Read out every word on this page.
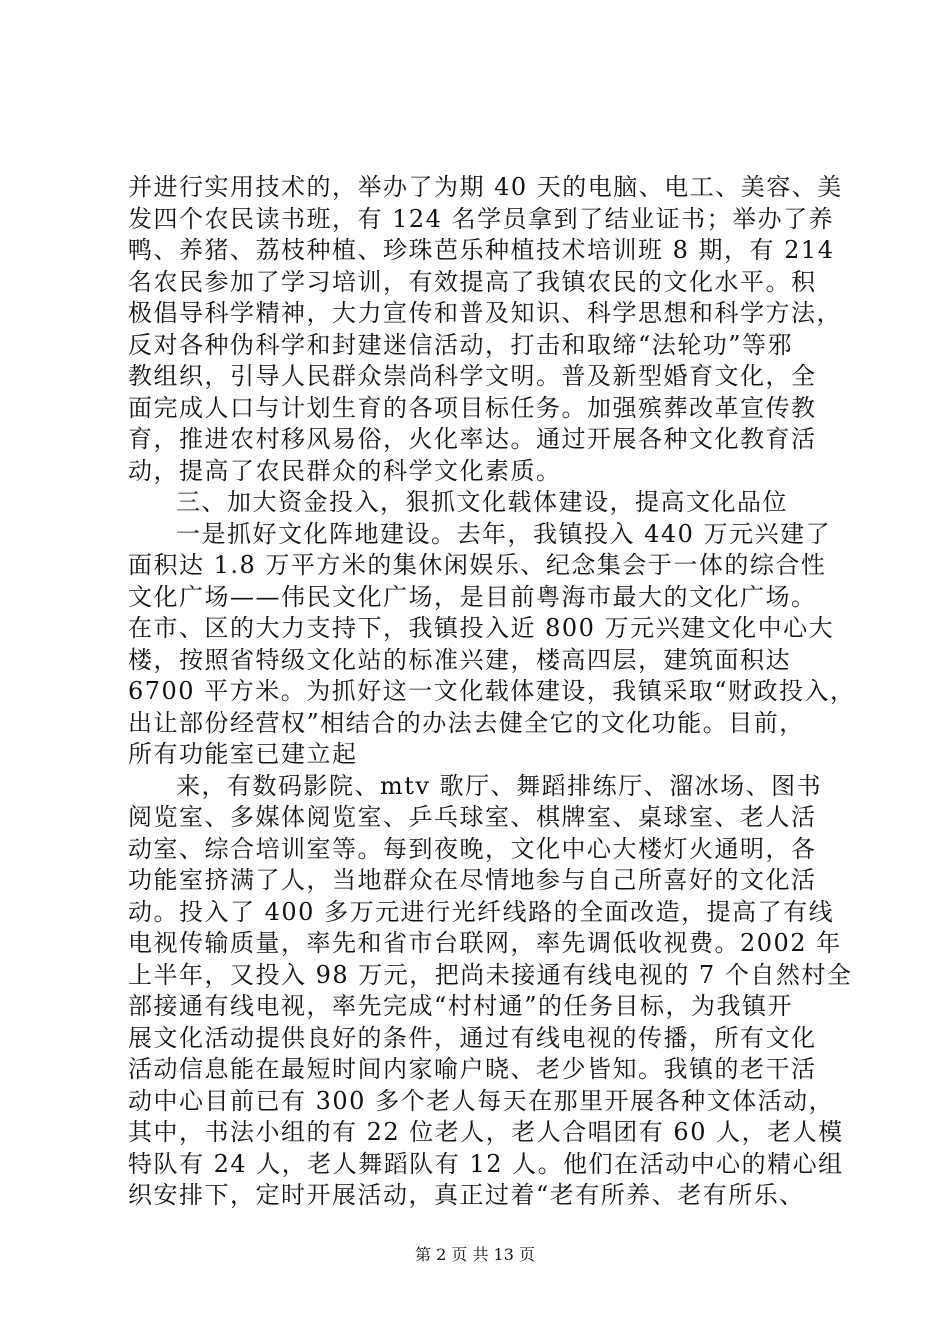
并进行实用技术的，举办了为期 40 天的电脑、电工、美容、美
发四个农民读书班，有 124 名学员拿到了结业证书；举办了养
鸭、养猪、荔枝种植、珍珠芭乐种植技术培训班 8 期，有 214
名农民参加了学习培训，有效提高了我镇农民的文化水平。积
极倡导科学精神，大力宣传和普及知识、科学思想和科学方法，
反对各种伪科学和封建迷信活动，打击和取缔“法轮功”等邪
教组织，引导人民群众崇尚科学文明。普及新型婚育文化，全
面完成人口与计划生育的各项目标任务。加强殡葬改革宣传教
育，推进农村移风易俗，火化率达。通过开展各种文化教育活
动，提高了农民群众的科学文化素质。
三、加大资金投入，狠抓文化载体建设，提高文化品位
一是抓好文化阵地建设。去年，我镇投入 440 万元兴建了
面积达 1.8 万平方米的集休闲娱乐、纪念集会于一体的综合性
文化广场——伟民文化广场，是目前粤海市最大的文化广场。
在市、区的大力支持下，我镇投入近 800 万元兴建文化中心大
楼，按照省特级文化站的标准兴建，楼高四层，建筑面积达
6700 平方米。为抓好这一文化载体建设，我镇采取“财政投入，
出让部份经营权”相结合的办法去健全它的文化功能。目前，
所有功能室已建立起
来，有数码影院、mtv 歌厅、舞蹈排练厅、溜冰场、图书
阅览室、多媒体阅览室、乒乓球室、棋牌室、桌球室、老人活
动室、综合培训室等。每到夜晚，文化中心大楼灯火通明，各
功能室挤满了人，当地群众在尽情地参与自己所喜好的文化活
动。投入了 400 多万元进行光纤线路的全面改造，提高了有线
电视传输质量，率先和省市台联网，率先调低收视费。2002 年
上半年，又投入 98 万元，把尚未接通有线电视的 7 个自然村全
部接通有线电视，率先完成“村村通”的任务目标，为我镇开
展文化活动提供良好的条件，通过有线电视的传播，所有文化
活动信息能在最短时间内家喻户晓、老少皆知。我镇的老干活
动中心目前已有 300 多个老人每天在那里开展各种文体活动，
其中，书法小组的有 22 位老人，老人合唱团有 60 人，老人模
特队有 24 人，老人舞蹈队有 12 人。他们在活动中心的精心组
织安排下，定时开展活动，真正过着“老有所养、老有所乐、
第 2 页 共 13 页
